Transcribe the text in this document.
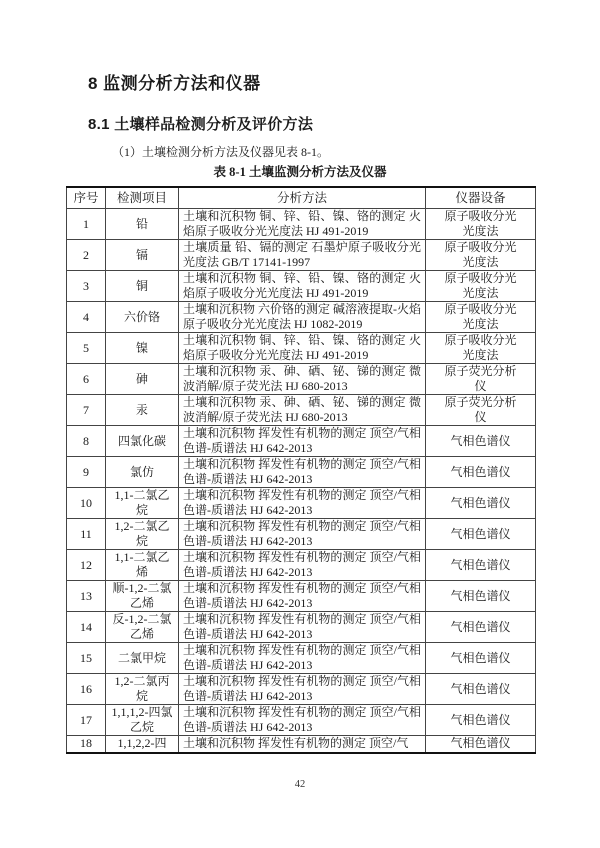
8 监测分析方法和仪器
8.1 土壤样品检测分析及评价方法

（1）土壤检测分析方法及仪器见表 8-1。

表 8-1 土壤监测分析方法及仪器
序号	检测项目	分析方法	仪器设备
1	铅	土壤和沉积物 铜、锌、铅、镍、铬的测定 火焰原子吸收分光光度法 HJ 491-2019	原子吸收分光光度法
2	镉	土壤质量 铅、镉的测定 石墨炉原子吸收分光光度法 GB/T 17141-1997	原子吸收分光光度法
3	铜	土壤和沉积物 铜、锌、铅、镍、铬的测定 火焰原子吸收分光光度法 HJ 491-2019	原子吸收分光光度法
4	六价铬	土壤和沉积物 六价铬的测定 碱溶液提取-火焰原子吸收分光光度法 HJ 1082-2019	原子吸收分光光度法
5	镍	土壤和沉积物 铜、锌、铅、镍、铬的测定 火焰原子吸收分光光度法 HJ 491-2019	原子吸收分光光度法
6	砷	土壤和沉积物 汞、砷、硒、铋、锑的测定 微波消解/原子荧光法 HJ 680-2013	原子荧光分析仪
7	汞	土壤和沉积物 汞、砷、硒、铋、锑的测定 微波消解/原子荧光法 HJ 680-2013	原子荧光分析仪
8	四氯化碳	土壤和沉积物 挥发性有机物的测定 顶空/气相色谱-质谱法 HJ 642-2013	气相色谱仪
9	氯仿	土壤和沉积物 挥发性有机物的测定 顶空/气相色谱-质谱法 HJ 642-2013	气相色谱仪
10	1,1-二氯乙烷	土壤和沉积物 挥发性有机物的测定 顶空/气相色谱-质谱法 HJ 642-2013	气相色谱仪
11	1,2-二氯乙烷	土壤和沉积物 挥发性有机物的测定 顶空/气相色谱-质谱法 HJ 642-2013	气相色谱仪
12	1,1-二氯乙烯	土壤和沉积物 挥发性有机物的测定 顶空/气相色谱-质谱法 HJ 642-2013	气相色谱仪
13	顺-1,2-二氯乙烯	土壤和沉积物 挥发性有机物的测定 顶空/气相色谱-质谱法 HJ 642-2013	气相色谱仪
14	反-1,2-二氯乙烯	土壤和沉积物 挥发性有机物的测定 顶空/气相色谱-质谱法 HJ 642-2013	气相色谱仪
15	二氯甲烷	土壤和沉积物 挥发性有机物的测定 顶空/气相色谱-质谱法 HJ 642-2013	气相色谱仪
16	1,2-二氯丙烷	土壤和沉积物 挥发性有机物的测定 顶空/气相色谱-质谱法 HJ 642-2013	气相色谱仪
17	1,1,1,2-四氯乙烷	土壤和沉积物 挥发性有机物的测定 顶空/气相色谱-质谱法 HJ 642-2013	气相色谱仪
18	1,1,2,2-四	土壤和沉积物 挥发性有机物的测定 顶空/气	气相色谱仪
42
